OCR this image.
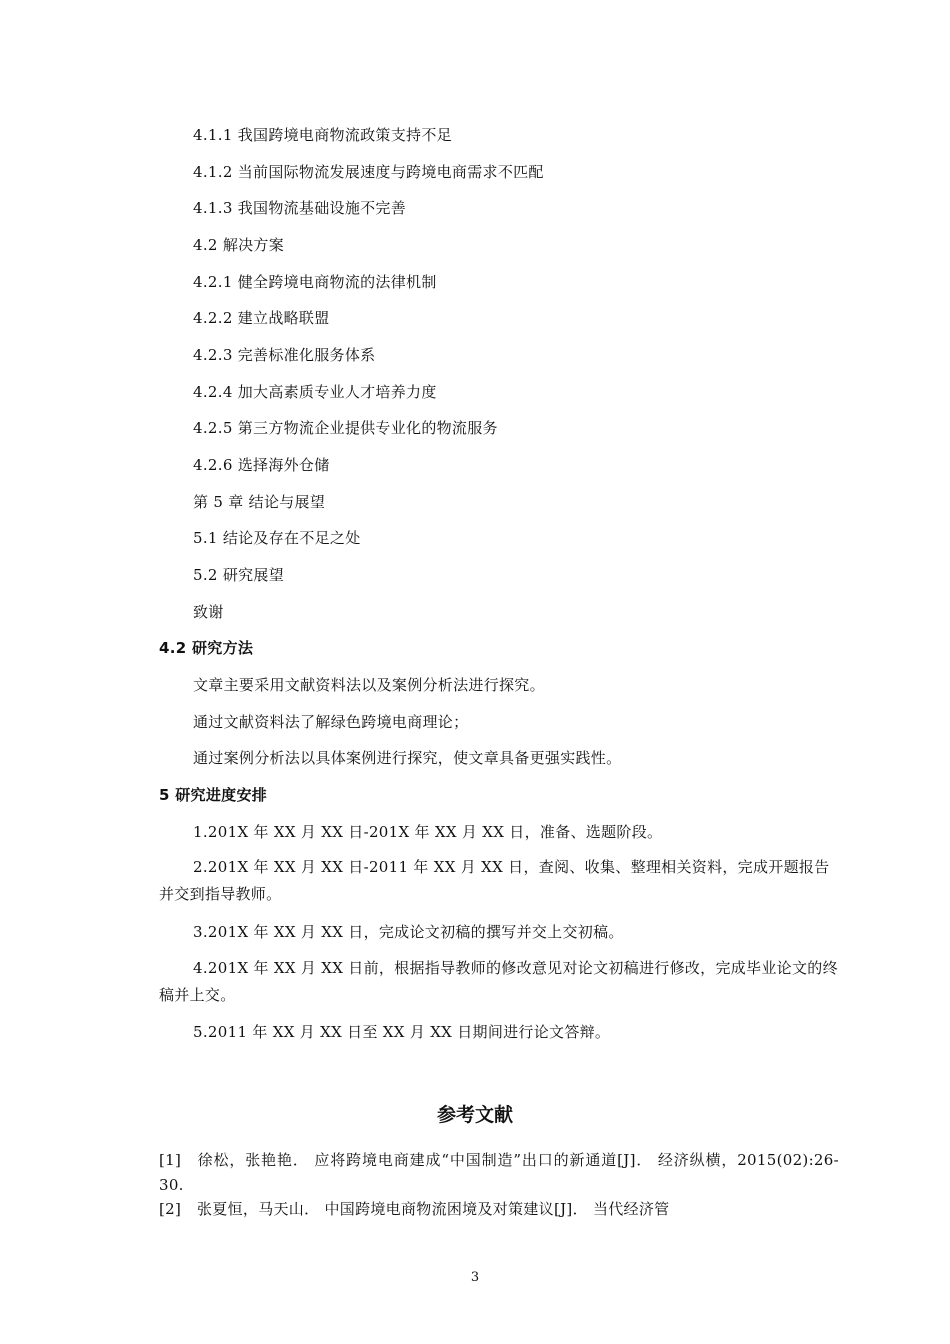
4.1.1 我国跨境电商物流政策支持不足
4.1.2 当前国际物流发展速度与跨境电商需求不匹配
4.1.3 我国物流基础设施不完善
4.2 解决方案
4.2.1 健全跨境电商物流的法律机制
4.2.2 建立战略联盟
4.2.3 完善标准化服务体系
4.2.4 加大高素质专业人才培养力度
4.2.5 第三方物流企业提供专业化的物流服务
4.2.6 选择海外仓储
第 5 章 结论与展望
5.1 结论及存在不足之处
5.2 研究展望
致谢
4.2 研究方法
文章主要采用文献资料法以及案例分析法进行探究。
通过文献资料法了解绿色跨境电商理论；
通过案例分析法以具体案例进行探究，使文章具备更强实践性。
5 研究进度安排
1.201X 年 XX 月 XX 日-201X 年 XX 月 XX 日，准备、选题阶段。
2.201X 年 XX 月 XX 日-2011 年 XX 月 XX 日，查阅、收集、整理相关资料，完成开题报告并交到指导教师。
3.201X 年 XX 月 XX 日，完成论文初稿的撰写并交上交初稿。
4.201X 年 XX 月 XX 日前，根据指导教师的修改意见对论文初稿进行修改，完成毕业论文的终稿并上交。
5.2011 年 XX 月 XX 日至 XX 月 XX 日期间进行论文答辩。
参考文献
[1] 徐松，张艳艳． 应将跨境电商建成“中国制造”出口的新通道[J]． 经济纵横，2015(02):26-30.
[2] 张夏恒，马天山． 中国跨境电商物流困境及对策建议[J]． 当代经济管
3
